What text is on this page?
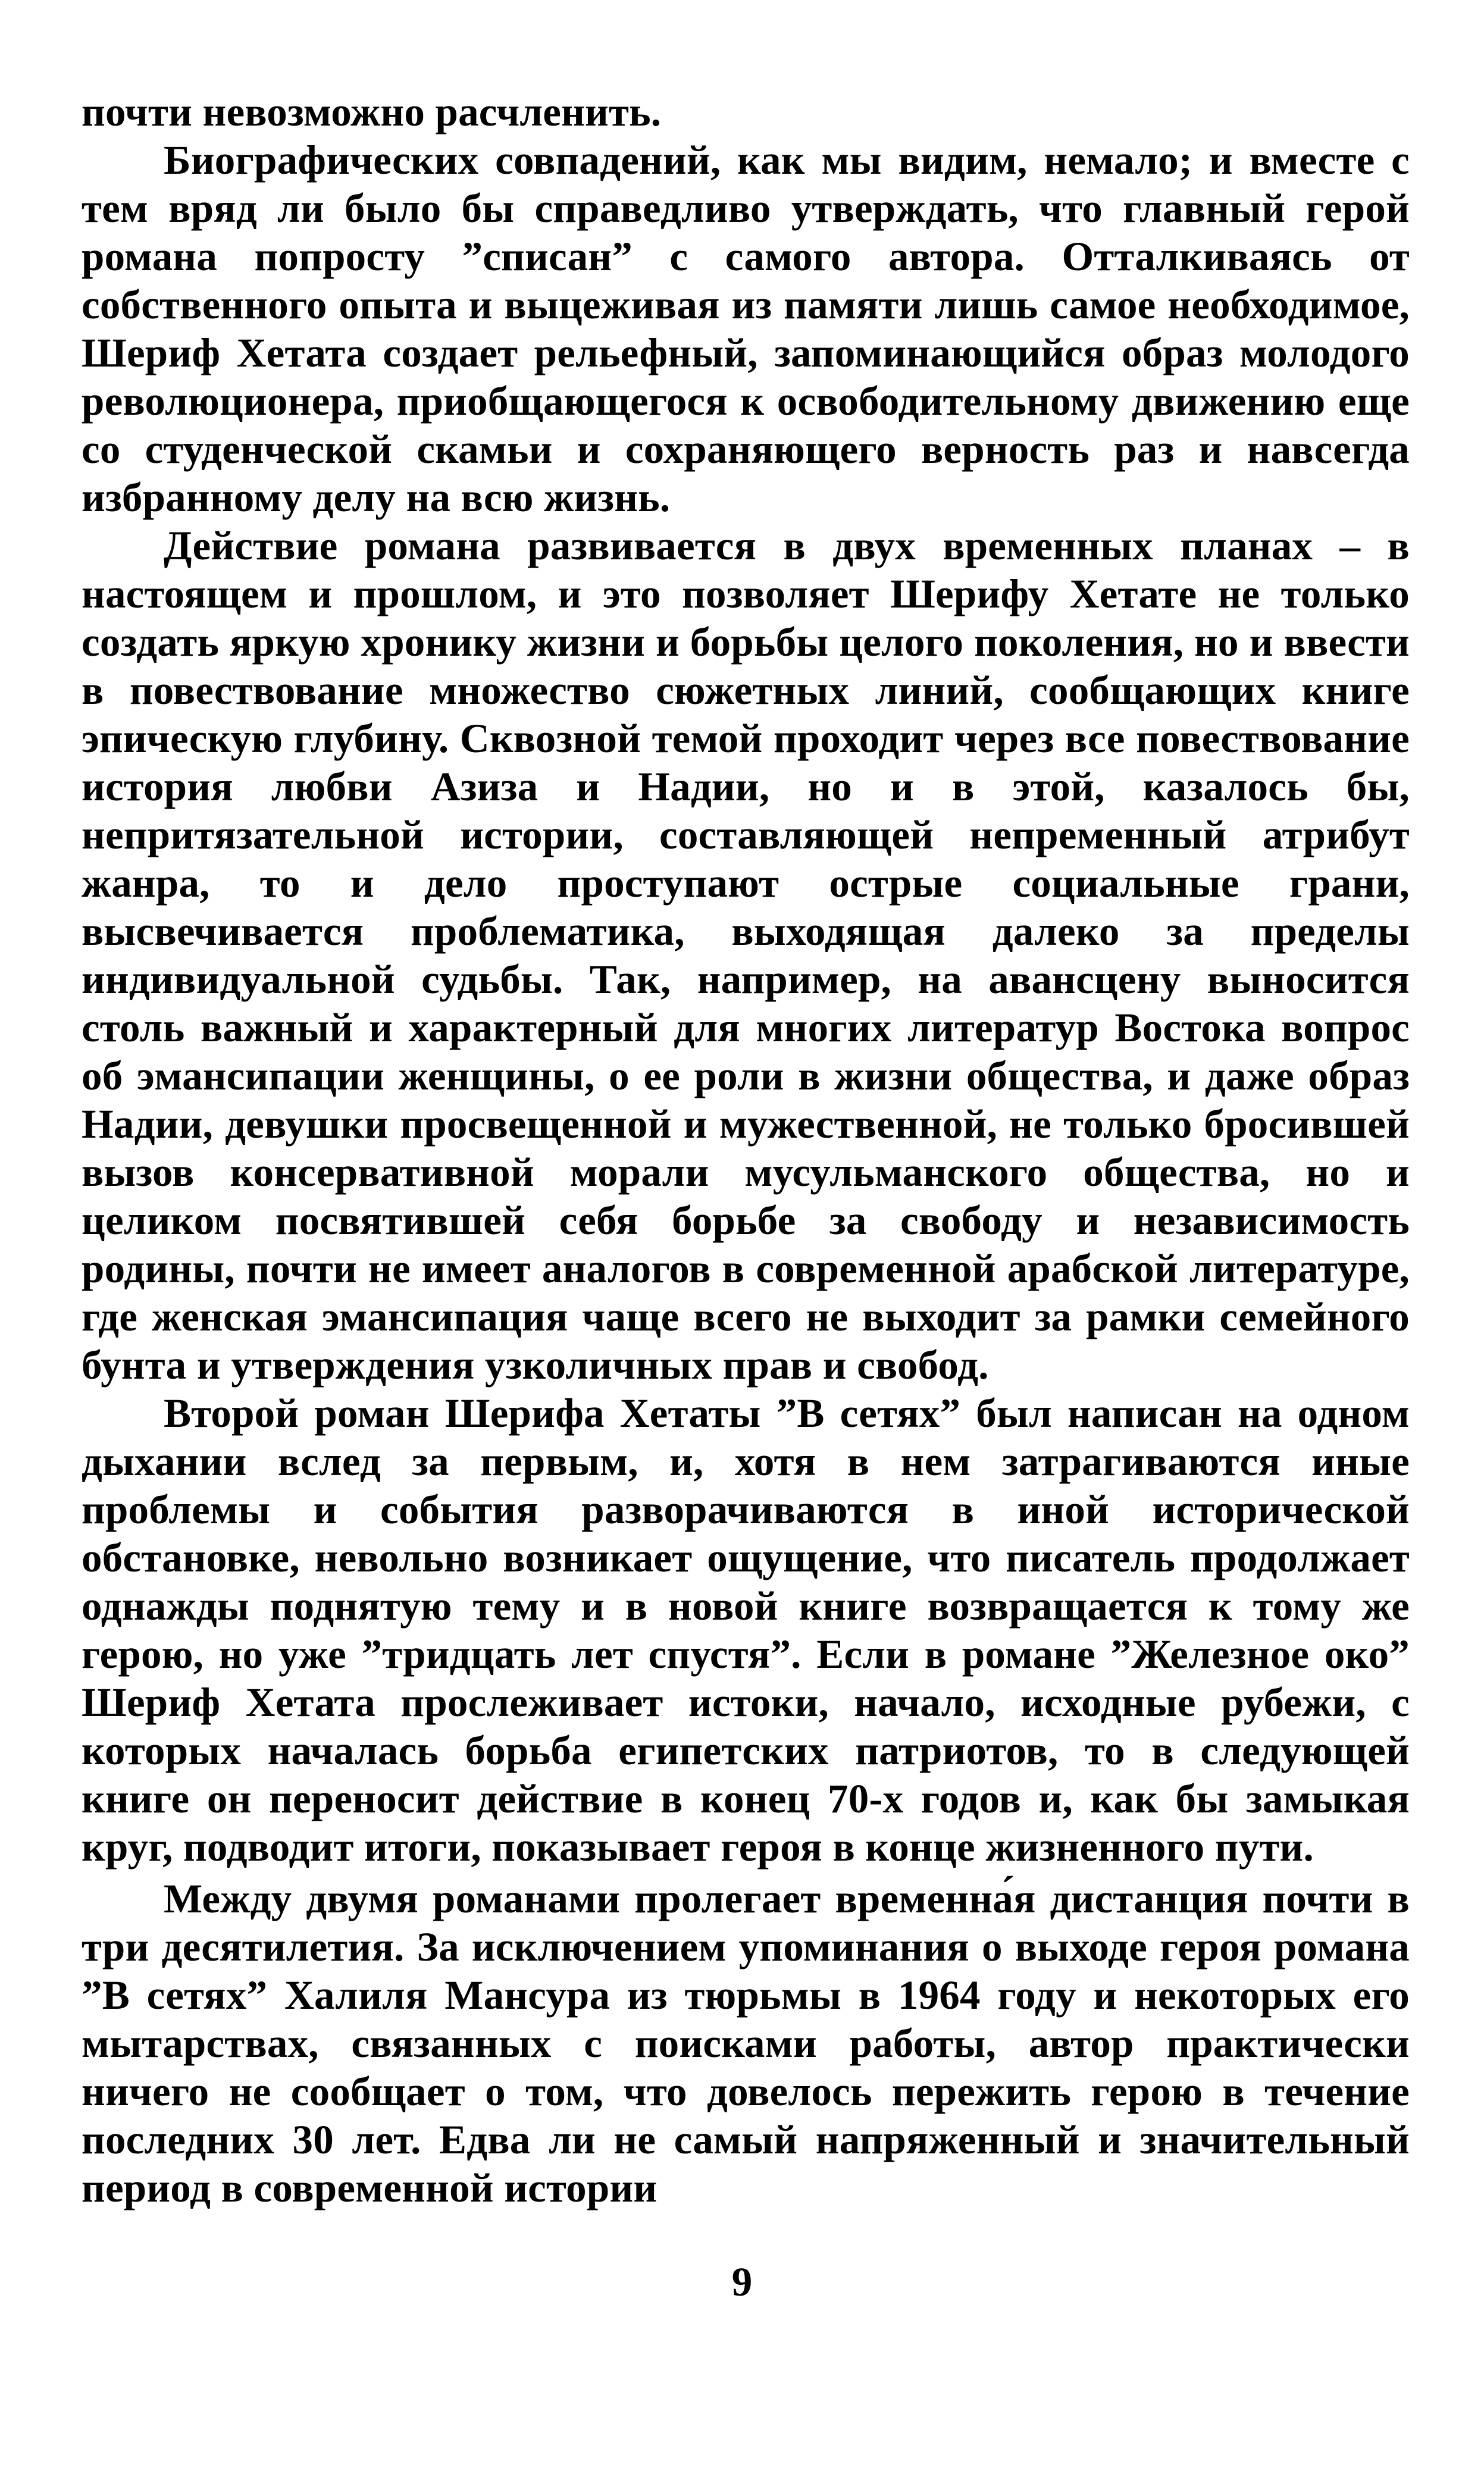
почти невозможно расчленить.

Биографических совпадений, как мы видим, немало; и вместе с тем вряд ли было бы справедливо утверждать, что главный герой романа попросту ”списан” с самого автора. Отталкиваясь от собственного опыта и выцеживая из памяти лишь самое необходимое, Шериф Хетата создает рельефный, запоминающийся образ молодого революционера, приобщающегося к освободительному движению еще со студенческой скамьи и сохраняющего верность раз и навсегда избранному делу на всю жизнь.

Действие романа развивается в двух временных планах – в настоящем и прошлом, и это позволяет Шерифу Хетате не только создать яркую хронику жизни и борьбы целого поколения, но и ввести в повествование множество сюжетных линий, сообщающих книге эпическую глубину. Сквозной темой проходит через все повествование история любви Азиза и Надии, но и в этой, казалось бы, непритязательной истории, составляющей непременный атрибут жанра, то и дело проступают острые социальные грани, высвечивается проблематика, выходящая далеко за пределы индивидуальной судьбы. Так, например, на авансцену выносится столь важный и характерный для многих литератур Востока вопрос об эмансипации женщины, о ее роли в жизни общества, и даже образ Надии, девушки просвещенной и мужественной, не только бросившей вызов консервативной морали мусульманского общества, но и целиком посвятившей себя борьбе за свободу и независимость родины, почти не имеет аналогов в современной арабской литературе, где женская эмансипация чаще всего не выходит за рамки семейного бунта и утверждения узколичных прав и свобод.

Второй роман Шерифа Хетаты ”В сетях” был написан на одном дыхании вслед за первым, и, хотя в нем затрагиваются иные проблемы и события разворачиваются в иной исторической обстановке, невольно возникает ощущение, что писатель продолжает однажды поднятую тему и в новой книге возвращается к тому же герою, но уже ”тридцать лет спустя”. Если в романе ”Железное око” Шериф Хетата прослеживает истоки, начало, исходные рубежи, с которых началась борьба египетских патриотов, то в следующей книге он переносит действие в конец 70-х годов и, как бы замыкая круг, подводит итоги, показывает героя в конце жизненного пути.

Между двумя романами пролегает временна́я дистанция почти в три десятилетия. За исключением упоминания о выходе героя романа ”В сетях” Халиля Мансура из тюрьмы в 1964 году и некоторых его мытарствах, связанных с поисками работы, автор практически ничего не сообщает о том, что довелось пережить герою в течение последних 30 лет. Едва ли не самый напряженный и значительный период в современной истории

9
